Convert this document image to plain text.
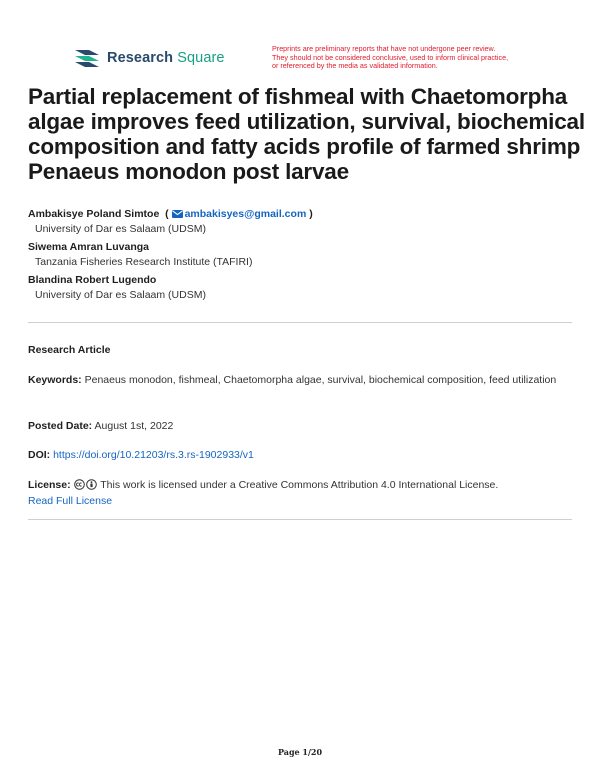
Research Square
Preprints are preliminary reports that have not undergone peer review.
They should not be considered conclusive, used to inform clinical practice,
or referenced by the media as validated information.
Partial replacement of fishmeal with Chaetomorpha algae improves feed utilization, survival, biochemical composition and fatty acids profile of farmed shrimp Penaeus monodon post larvae
Ambakisye Poland Simtoe  ( ambakisyes@gmail.com )
University of Dar es Salaam (UDSM)
Siwema Amran Luvanga
Tanzania Fisheries Research Institute (TAFIRI)
Blandina Robert Lugendo
University of Dar es Salaam (UDSM)
Research Article
Keywords: Penaeus monodon, fishmeal, Chaetomorpha algae, survival, biochemical composition, feed utilization
Posted Date: August 1st, 2022
DOI: https://doi.org/10.21203/rs.3.rs-1902933/v1
License:	This work is licensed under a Creative Commons Attribution 4.0 International License.
Read Full License
Page 1/20
